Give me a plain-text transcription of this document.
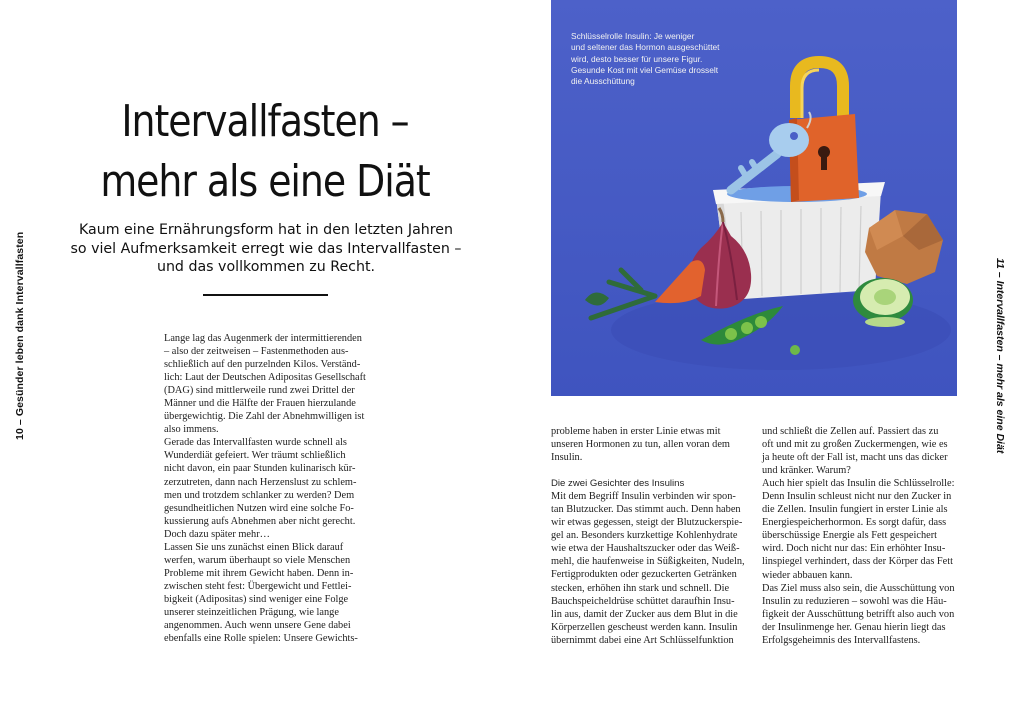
10 – Gesünder leben dank Intervallfasten
Intervallfasten –
mehr als eine Diät
Kaum eine Ernährungsform hat in den letzten Jahren
so viel Aufmerksamkeit erregt wie das Intervallfasten –
und das vollkommen zu Recht.

Lange lag das Augenmerk der intermittierenden

– also der zeitweisen – Fastenmethoden aus-

schließlich auf den purzelnden Kilos. Verständ-

lich: Laut der Deutschen Adipositas Gesellschaft

(DAG) sind mittlerweile rund zwei Drittel der

Männer und die Hälfte der Frauen hierzulande

übergewichtig. Die Zahl der Abnehmwilligen ist

also immens.

Gerade das Intervallfasten wurde schnell als

Wunderdiät gefeiert. Wer träumt schließlich

nicht davon, ein paar Stunden kulinarisch kür-

zerzutreten, dann nach Herzenslust zu schlem-

men und trotzdem schlanker zu werden? Dem

gesundheitlichen Nutzen wird eine solche Fo-

kussierung aufs Abnehmen aber nicht gerecht.

Doch dazu später mehr…

Lassen Sie uns zunächst einen Blick darauf

werfen, warum überhaupt so viele Menschen

Probleme mit ihrem Gewicht haben. Denn in-

zwischen steht fest: Übergewicht und Fettlei-

bigkeit (Adipositas) sind weniger eine Folge

unserer steinzeitlichen Prägung, wie lange

angenommen. Auch wenn unsere Gene dabei

ebenfalls eine Rolle spielen: Unsere Gewichts-

Schlüsselrolle Insulin: Je weniger
und seltener das Hormon ausgeschüttet
wird, desto besser für unsere Figur.
Gesunde Kost mit viel Gemüse drosselt
die Ausschüttung
11 – Intervallfasten – mehr als eine Diät

probleme haben in erster Linie etwas mit

unseren Hormonen zu tun, allen voran dem

Insulin.

Die zwei Gesichter des Insulins

Mit dem Begriff Insulin verbinden wir spon-

tan Blutzucker. Das stimmt auch. Denn haben

wir etwas gegessen, steigt der Blutzuckerspie-

gel an. Besonders kurzkettige Kohlenhydrate

wie etwa der Haushaltszucker oder das Weiß-

mehl, die haufenweise in Süßigkeiten, Nudeln,

Fertigprodukten oder gezuckerten Getränken

stecken, erhöhen ihn stark und schnell. Die

Bauchspeicheldrüse schüttet daraufhin Insu-

lin aus, damit der Zucker aus dem Blut in die

Körperzellen gescheust werden kann. Insulin

übernimmt dabei eine Art Schlüsselfunktion

und schließt die Zellen auf. Passiert das zu

oft und mit zu großen Zuckermengen, wie es

ja heute oft der Fall ist, macht uns das dicker

und kränker. Warum?

Auch hier spielt das Insulin die Schlüsselrolle:

Denn Insulin schleust nicht nur den Zucker in

die Zellen. Insulin fungiert in erster Linie als

Energiespeicherhormon. Es sorgt dafür, dass

überschüssige Energie als Fett gespeichert

wird. Doch nicht nur das: Ein erhöhter Insu-

linspiegel verhindert, dass der Körper das Fett

wieder abbauen kann.

Das Ziel muss also sein, die Ausschüttung von

Insulin zu reduzieren – sowohl was die Häu-

figkeit der Ausschüttung betrifft also auch von

der Insulinmenge her. Genau hierin liegt das

Erfolgsgeheimnis des Intervallfastens.
